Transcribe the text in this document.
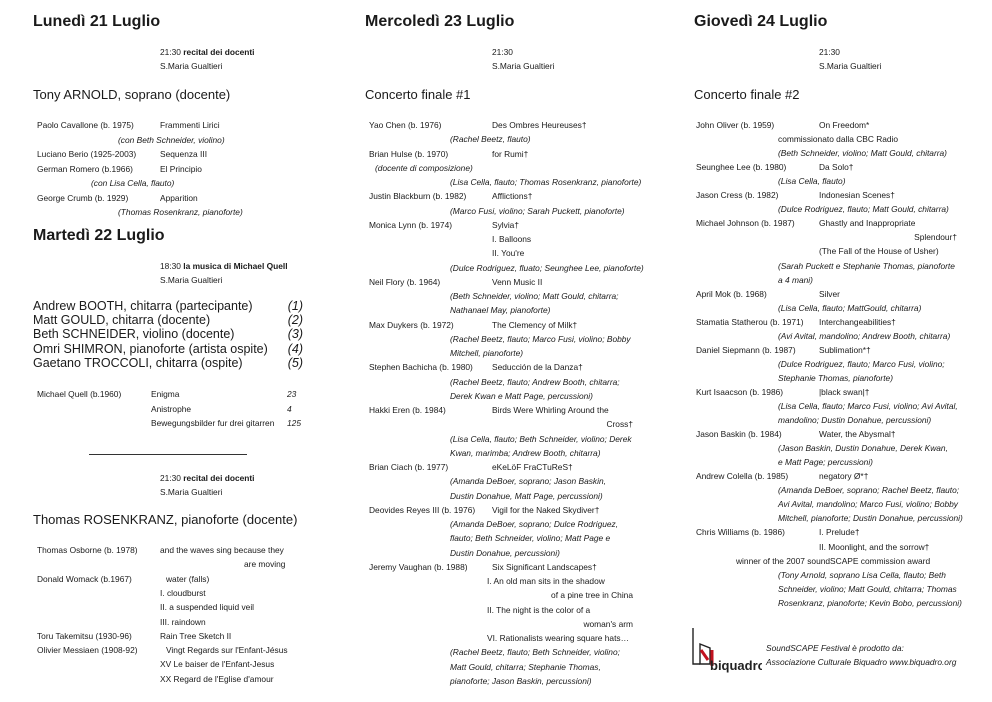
Lunedì 21 Luglio
21:30 recital dei docenti
S.Maria Gualtieri
Tony ARNOLD, soprano (docente)
Paolo Cavallone (b. 1975)	Frammenti Lirici
(con Beth Schneider, violino)
Luciano Berio (1925-2003)	Sequenza III
German Romero (b.1966)	El Principio
(con Lisa Cella, flauto)
George Crumb (b. 1929)	Apparition
(Thomas Rosenkranz, pianoforte)
Martedì 22 Luglio
18:30 la musica di Michael Quell
S.Maria Gualtieri
Andrew BOOTH, chitarra (partecipante)	(1)
Matt GOULD, chitarra (docente)	(2)
Beth SCHNEIDER, violino (docente)	(3)
Omri SHIMRON, pianoforte (artista ospite) (4)
Gaetano TROCCOLI, chitarra (ospite)	(5)
Michael Quell (b.1960)	Enigma	23
Anistrophe	4
Bewegungsbilder fur drei gitarren 125
21:30 recital dei docenti
S.Maria Gualtieri
Thomas ROSENKRANZ, pianoforte (docente)
Thomas Osborne (b. 1978)	and the waves sing because they
are moving
Donald Womack (b.1967)	water (falls)
I. cloudburst
II. a suspended liquid veil
III. raindown
Toru Takemitsu (1930-96)	Rain Tree Sketch II
Olivier Messiaen (1908-92)	Vingt Regards sur l'Enfant-Jésus
XV Le baiser de l'Enfant-Jesus
XX Regard de l'Eglise d'amour
Mercoledì 23 Luglio
21:30
S.Maria Gualtieri
Concerto finale #1
Yao Chen (b. 1976)	Des Ombres Heureuses†
(Rachel Beetz, flauto)
Brian Hulse (b. 1970)	for Rumi†
(docente di composizione)
(Lisa Cella, flauto; Thomas Rosenkranz, pianoforte)
Justin Blackburn (b. 1982)	Afflictions†
(Marco Fusi, violino; Sarah Puckett, pianoforte)
Monica Lynn (b. 1974)	Sylvia†
I. Balloons
II. You're
(Dulce Rodriguez, fluato; Seunghee Lee, pianoforte)
Neil Flory (b. 1964)	Venn Music II
(Beth Schneider, violino; Matt Gould, chitarra;
Nathanael May, pianoforte)
Max Duykers (b. 1972)	The Clemency of Milk†
(Rachel Beetz, flauto; Marco Fusi, violino; Bobby
Mitchell, pianoforte)
Stephen Bachicha (b. 1980) Seducción de la Danza†
(Rachel Beetz, flauto; Andrew Booth, chitarra;
Derek Kwan e Matt Page, percussioni)
Hakki Eren (b. 1984)	Birds Were Whirling Around the
Cross†
(Lisa Cella, flauto; Beth Schneider, violino; Derek
Kwan, marimba; Andrew Booth, chitarra)
Brian Ciach (b. 1977)	eKeLöF FraCTuReS†
(Amanda DeBoer, soprano; Jason Baskin,
Dustin Donahue, Matt Page, percussioni)
Deovides Reyes III (b. 1976) Vigil for the Naked Skydiver†
(Amanda DeBoer, soprano; Dulce Rodriguez,
flauto; Beth Schneider, violino; Matt Page e
Dustin Donahue, percussioni)
Jeremy Vaughan (b. 1988)	Six Significant Landscapes†
I. An old man sits in the shadow
of a pine tree in China
II. The night is the color of a
woman's arm
VI. Rationalists wearing square hats…
(Rachel Beetz, flauto; Beth Schneider, violino;
Matt Gould, chitarra; Stephanie Thomas,
pianoforte; Jason Baskin, percussioni)
Giovedì 24 Luglio
21:30
S.Maria Gualtieri
Concerto finale #2
John Oliver (b. 1959)	On Freedom*
commissionato dalla CBC Radio
(Beth Schneider, violino; Matt Gould, chitarra)
Seunghee Lee (b. 1980)	Da Solo†
(Lisa Cella, flauto)
Jason Cress (b. 1982)	Indonesian Scenes†
(Dulce Rodriguez, flauto; Matt Gould, chitarra)
Michael Johnson (b. 1987)	Ghastly and Inappropriate
Splendour†
(The Fall of the House of Usher)
(Sarah Puckett e Stephanie Thomas, pianoforte
a 4 mani)
April Mok (b. 1968)	Silver
(Lisa Cella, flauto; MattGould, chitarra)
Stamatia Statherou (b. 1971) Interchangeabilities†
(Avi Avital, mandolino; Andrew Booth, chitarra)
Daniel Siepmann (b. 1987)	Sublimation*†
(Dulce Rodriguez, flauto; Marco Fusi, violino;
Stephanie Thomas, pianoforte)
Kurt Isaacson (b. 1986)	|black swan|†
(Lisa Cella, flauto; Marco Fusi, violino; Avi Avital,
mandolino; Dustin Donahue, percussioni)
Jason Baskin (b. 1984)	Water, the Abysmal†
(Jason Baskin, Dustin Donahue, Derek Kwan,
e Matt Page; percussioni)
Andrew Colella (b. 1985)	negatory Ø*†
(Amanda DeBoer, soprano; Rachel Beetz, flauto;
Avi Avital, mandolino; Marco Fusi, violino; Bobby
Mitchell, pianoforte; Dustin Donahue, percussioni)
Chris Williams (b. 1986)	I. Prelude†
II. Moonlight, and the sorrow†
winner of the 2007 soundSCAPE commission award
(Tony Arnold, soprano Lisa Cella, flauto; Beth
Schneider, violino; Matt Gould, chitarra; Thomas
Rosenkranz, pianoforte; Kevin Bobo, percussioni)
biquadro
SoundSCAPE Festival è prodotto da:
Associazione Culturale Biquadro www.biquadro.org
